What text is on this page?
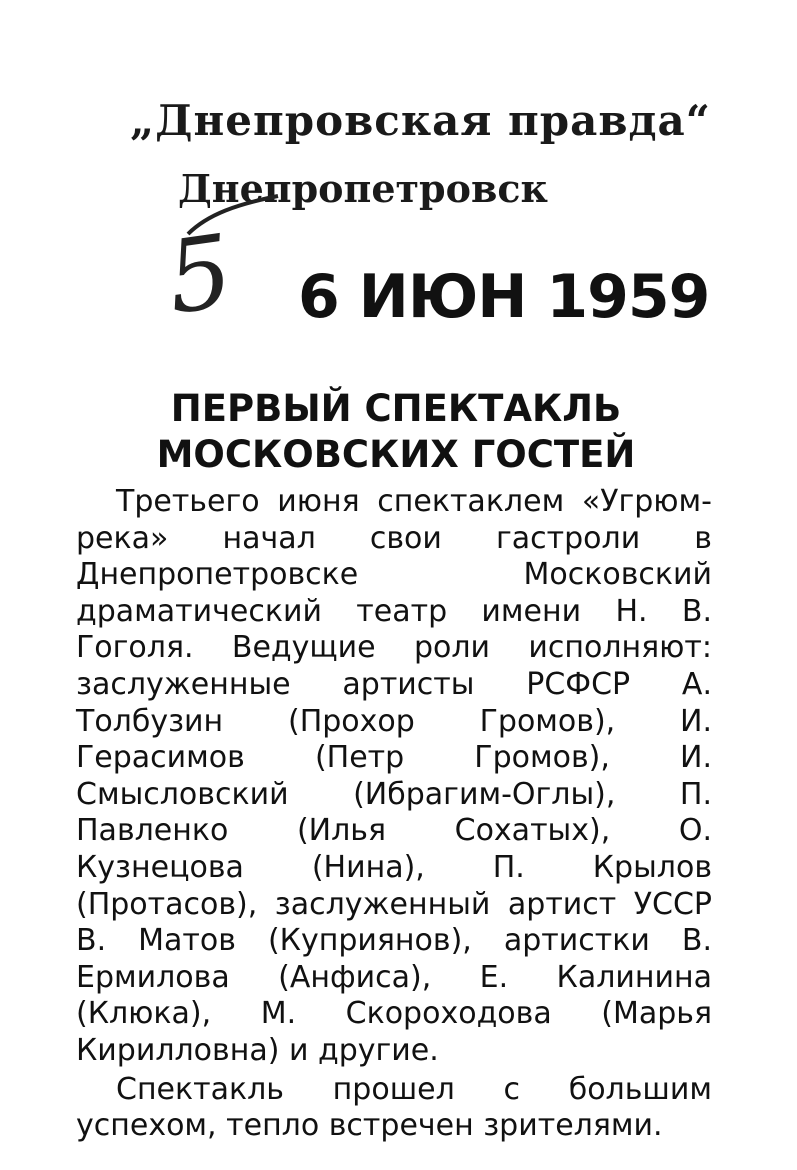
„Днепровская правда“
Днепропетровск
5 6 ИЮН 1959
ПЕРВЫЙ СПЕКТАКЛЬ
МОСКОВСКИХ ГОСТЕЙ

Третьего июня спектаклем «Угрюм-река» начал свои гастроли в Днепропетровске Московский драматический театр имени Н. В. Гоголя. Ведущие роли исполняют: заслуженные артисты РСФСР А. Толбузин (Прохор Громов), И. Герасимов (Петр Громов), И. Смысловский (Ибрагим-Оглы), П. Павленко (Илья Сохатых), О. Кузнецова (Нина), П. Крылов (Протасов), заслуженный артист УССР В. Матов (Куприянов), артистки В. Ермилова (Анфиса), Е. Калинина (Клюка), М. Скороходова (Марья Кирилловна) и другие.

Спектакль прошел с большим успехом, тепло встречен зрителями.
